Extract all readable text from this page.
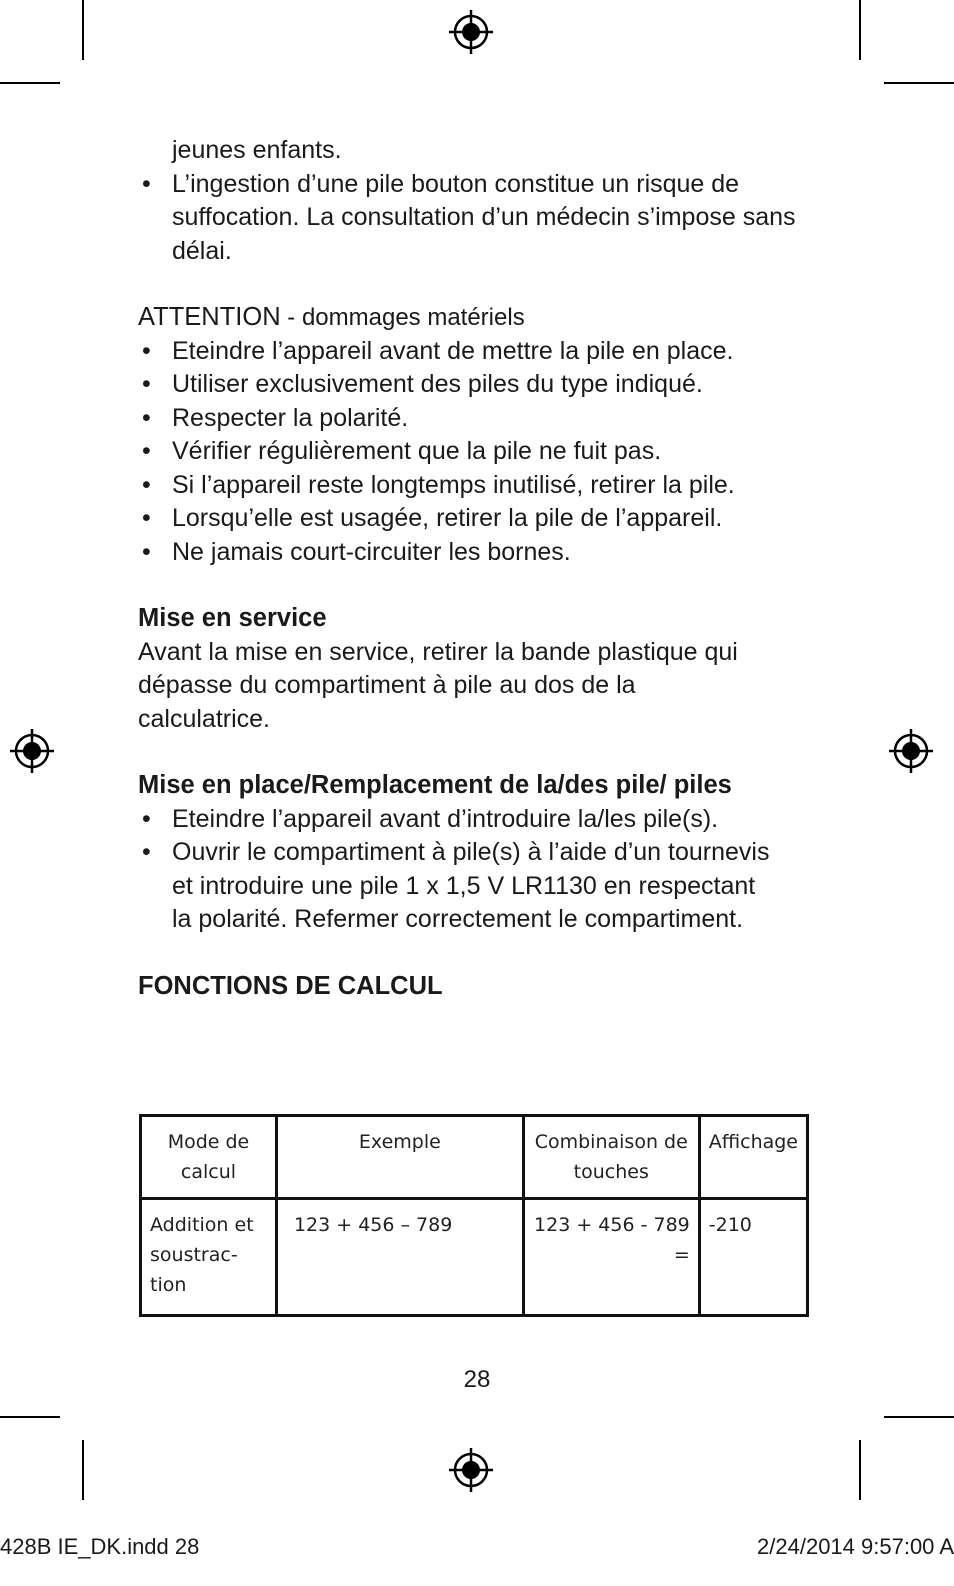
jeunes enfants.

• L’ingestion d’une pile bouton constitue un risque de suffocation. La consultation d’un médecin s’impose sans délai.

ATTENTION - dommages matériels

• Eteindre l’appareil avant de mettre la pile en place.
• Utiliser exclusivement des piles du type indiqué.
• Respecter la polarité.
• Vérifier régulièrement que la pile ne fuit pas.
• Si l’appareil reste longtemps inutilisé, retirer la pile.
• Lorsqu’elle est usagée, retirer la pile de l’appareil.
• Ne jamais court-circuiter les bornes.

Mise en service

Avant la mise en service, retirer la bande plastique qui dépasse du compartiment à pile au dos de la calculatrice.

Mise en place/Remplacement de la/des pile/ piles

• Eteindre l’appareil avant d’introduire la/les pile(s).
• Ouvrir le compartiment à pile(s) à l’aide d’un tournevis et introduire une pile 1 x 1,5 V LR1130 en respectant la polarité. Refermer correctement le compartiment.

FONCTIONS DE CALCUL

Mode de calcul	Exemple	Combinaison de touches	Affichage
Addition et soustrac- tion	123 + 456 – 789	123 + 456 - 789 =	-210
28
428B IE_DK.indd 28	2/24/2014 9:57:00 A
